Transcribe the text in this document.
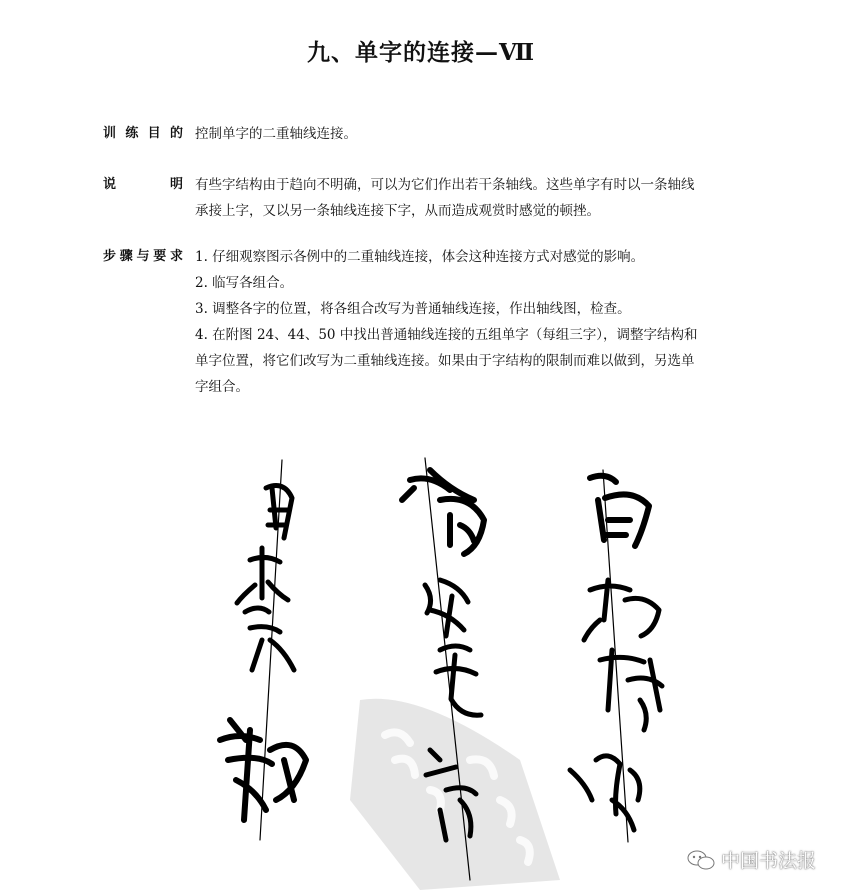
九、单字的连接—Ⅶ
训练目的 控制单字的二重轴线连接。

说　明 有些字结构由于趋向不明确，可以为它们作出若干条轴线。这些单字有时以一条轴线

承接上字，又以另一条轴线连接下字，从而造成观赏时感觉的顿挫。

步骤与要求 1. 仔细观察图示各例中的二重轴线连接，体会这种连接方式对感觉的影响。

2. 临写各组合。

3. 调整各字的位置，将各组合改写为普通轴线连接，作出轴线图，检查。

4. 在附图 24、44、50 中找出普通轴线连接的五组单字（每组三字），调整字结构和

单字位置，将它们改写为二重轴线连接。如果由于字结构的限制而难以做到，另选单

字组合。

中国书法报
